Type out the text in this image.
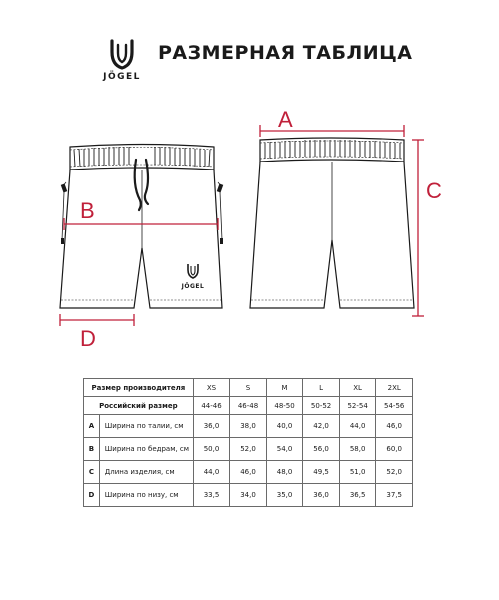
JÖGEL
РАЗМЕРНАЯ ТАБЛИЦА
JÖGEL
A
C
B
D
Размер производителя		XS	S	M	L	XL	2XL
Российский размер		44-46	46-48	48-50	50-52	52-54	54-56
A	Ширина по талии, см	36,0	38,0	40,0	42,0	44,0	46,0
B	Ширина по бедрам, см	50,0	52,0	54,0	56,0	58,0	60,0
C	Длина изделия, см	44,0	46,0	48,0	49,5	51,0	52,0
D	Ширина по низу, см	33,5	34,0	35,0	36,0	36,5	37,5
